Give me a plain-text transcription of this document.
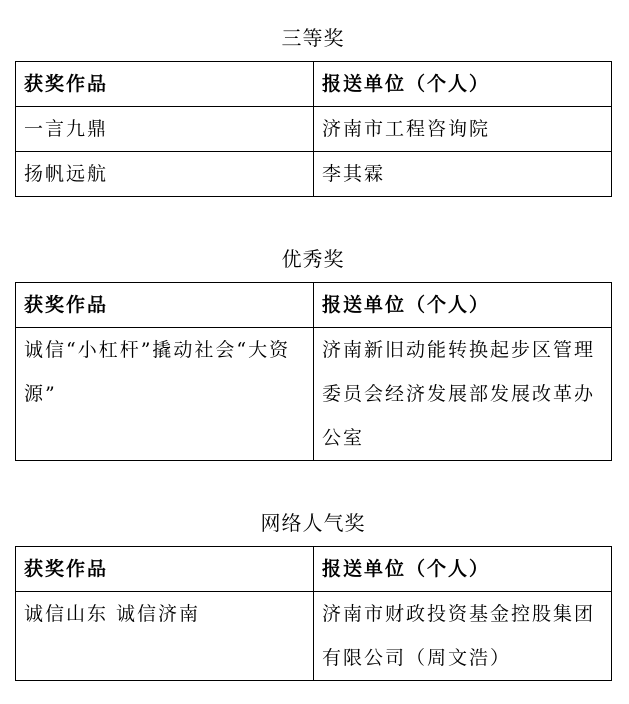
三等奖
获奖作品	报送单位（个人）
一言九鼎	济南市工程咨询院
扬帆远航	李其霖
优秀奖
获奖作品	报送单位（个人）
诚信“小杠杆”撬动社会“大资源”	济南新旧动能转换起步区管理委员会经济发展部发展改革办公室
网络人气奖
获奖作品	报送单位（个人）
诚信山东 诚信济南	济南市财政投资基金控股集团有限公司（周文浩）
